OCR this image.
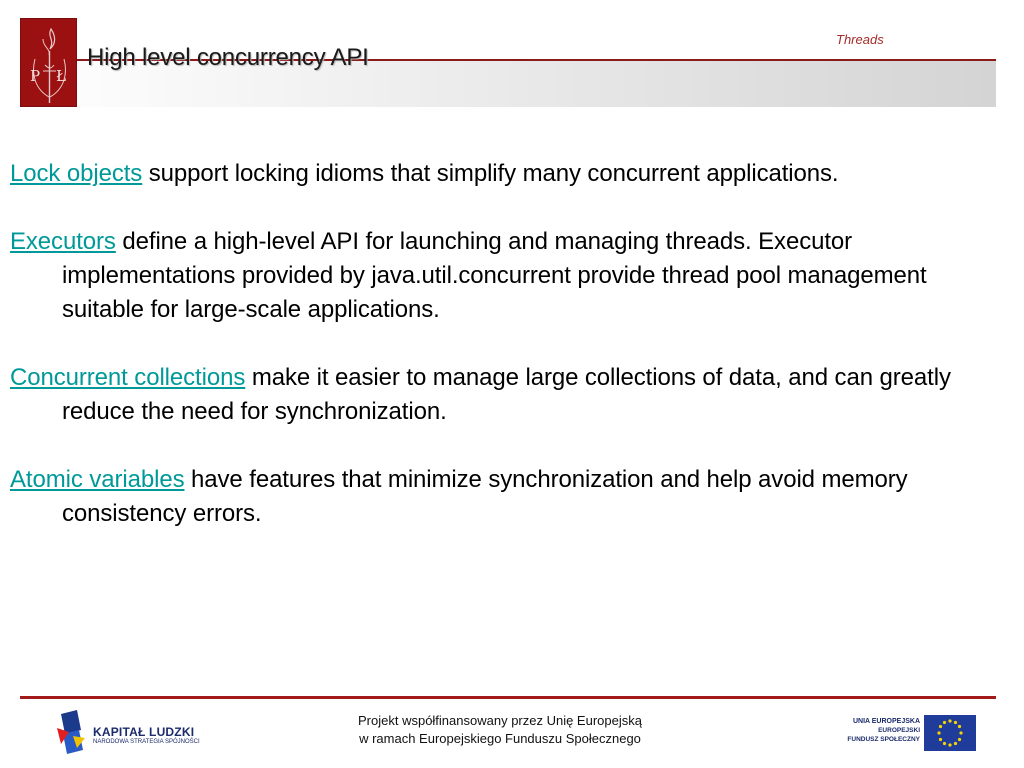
P Ł
High level concurrency API
Threads

Lock objects support locking idioms that simplify many concurrent applications.

Executors define a high-level API for launching and managing threads. Executor implementations provided by java.util.concurrent provide thread pool management suitable for large-scale applications.

Concurrent collections make it easier to manage large collections of data, and can greatly reduce the need for synchronization.

Atomic variables have features that minimize synchronization and help avoid memory consistency errors.

KAPITAŁ LUDZKI
NARODOWA STRATEGIA SPÓJNOŚCI
Projekt współfinansowany przez Unię Europejską
w ramach Europejskiego Funduszu Społecznego
UNIA EUROPEJSKA
EUROPEJSKI
FUNDUSZ SPOŁECZNY
